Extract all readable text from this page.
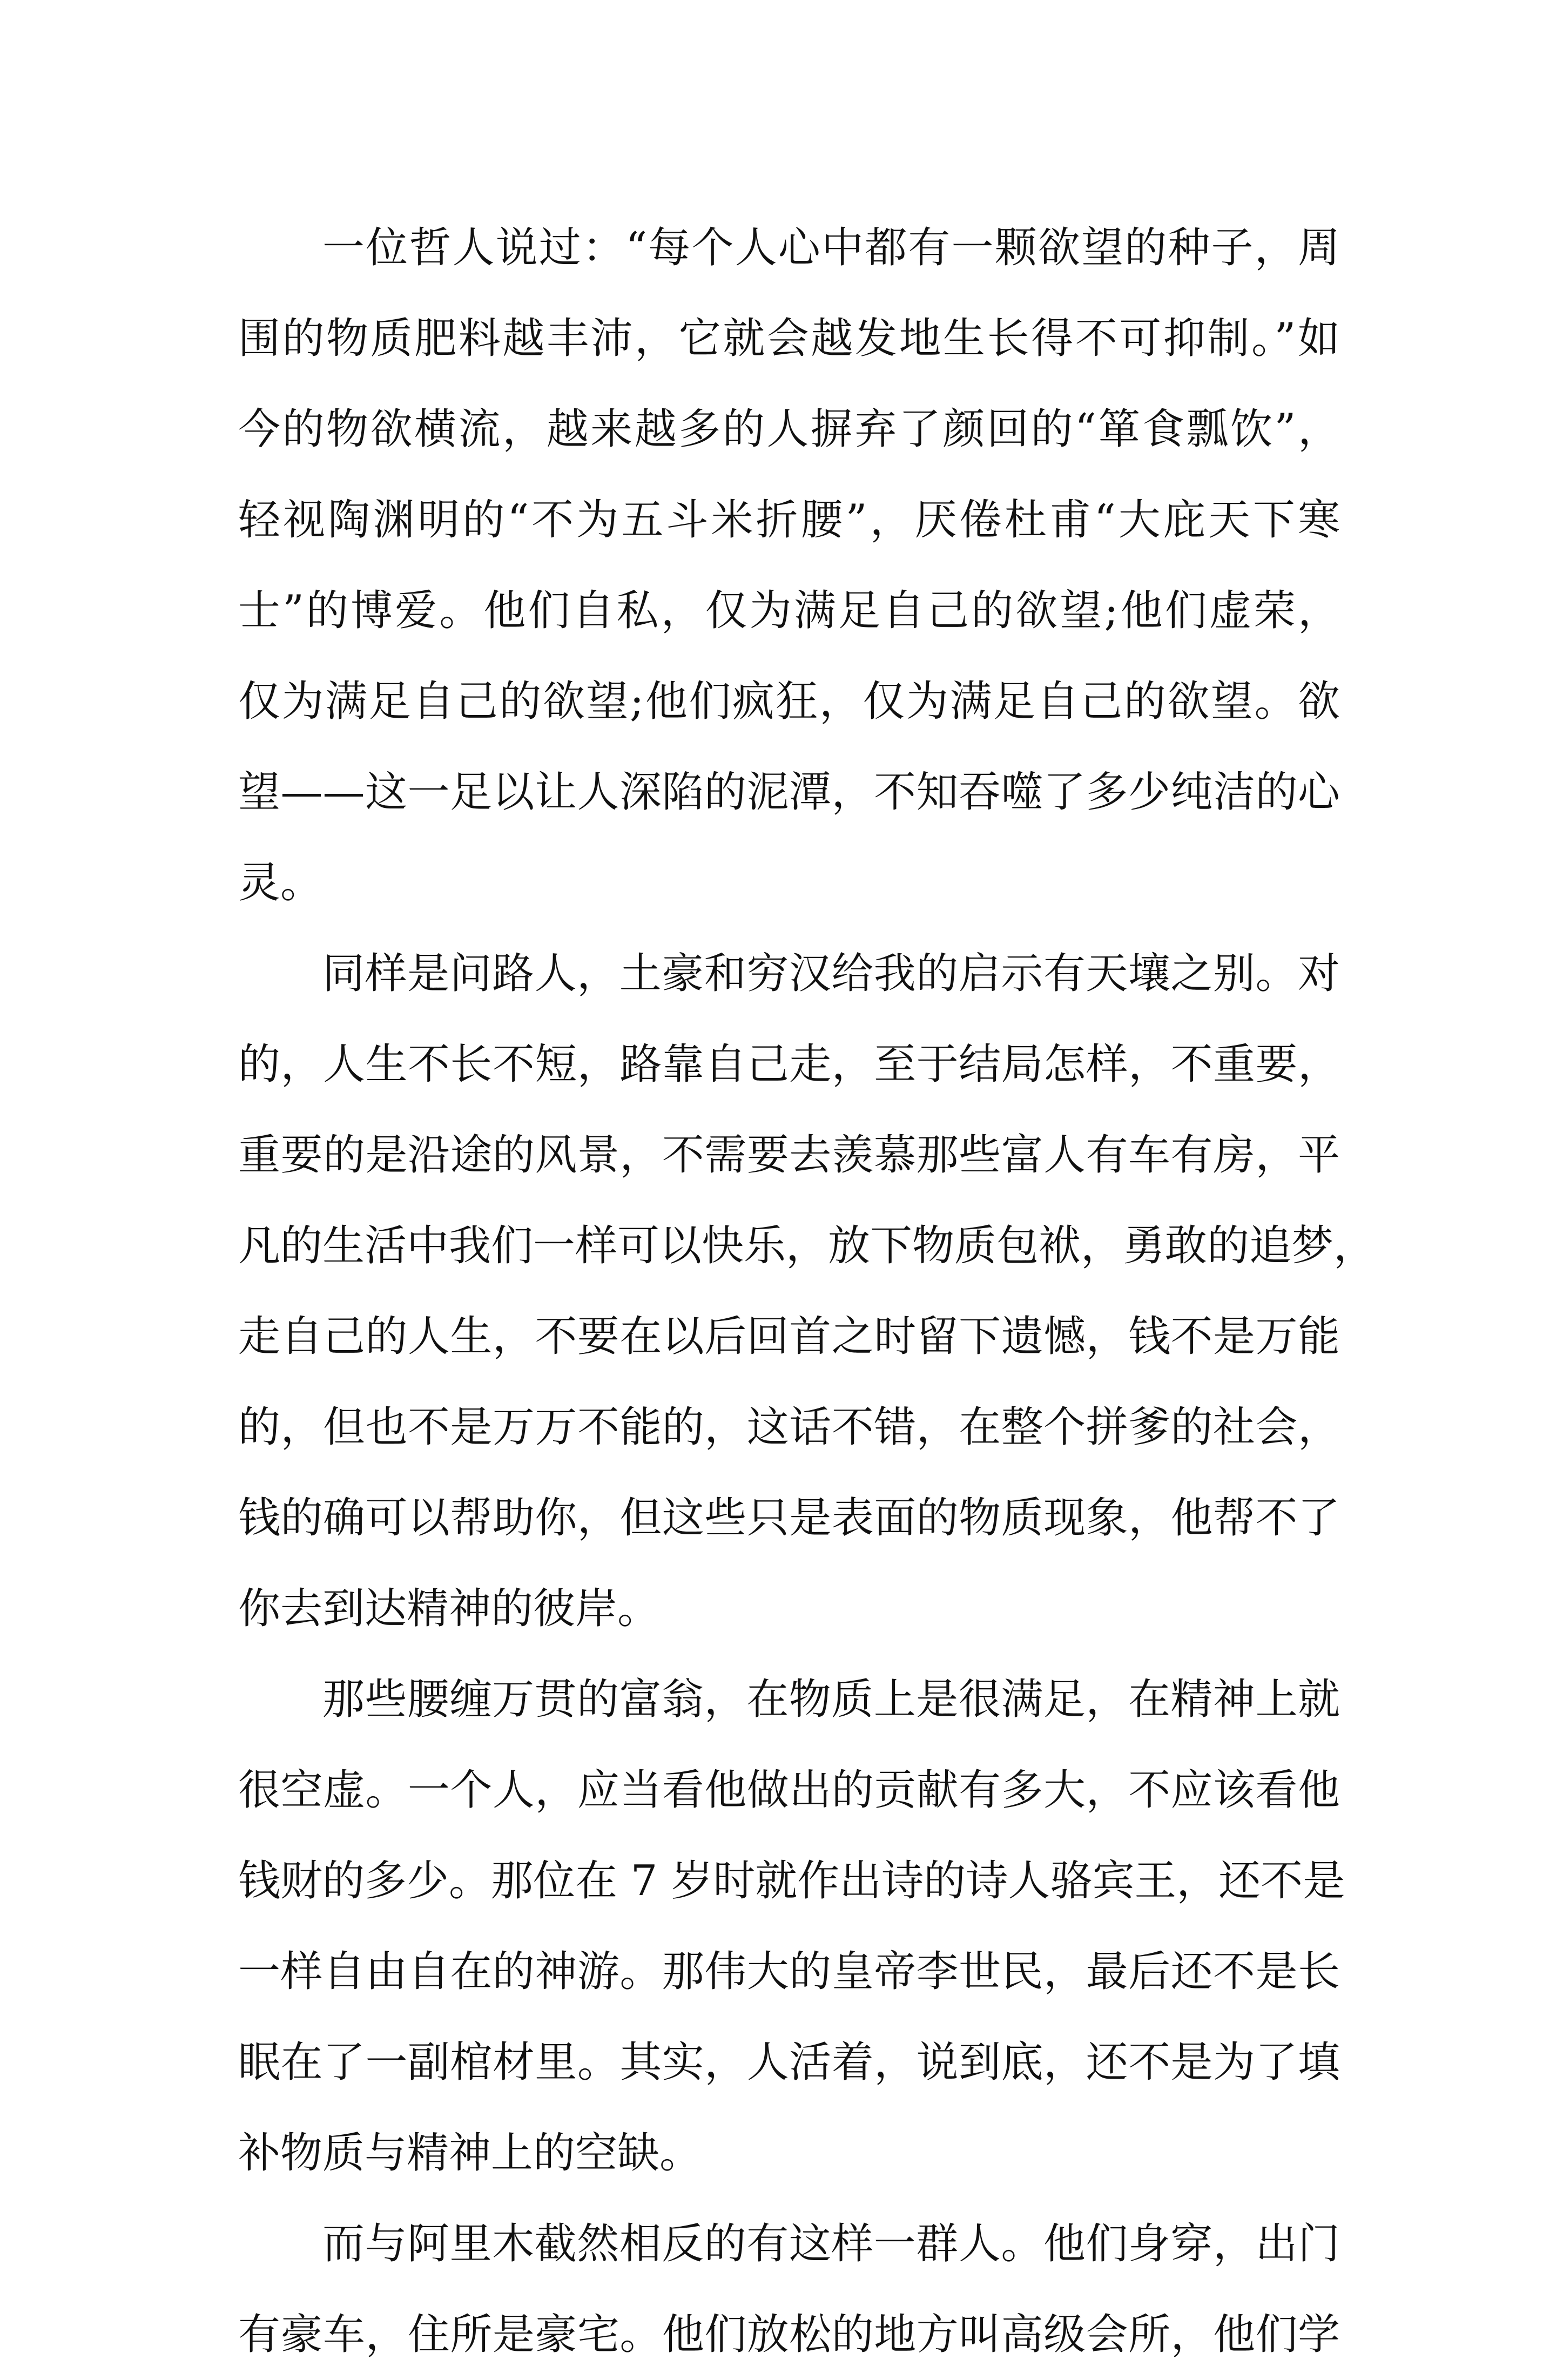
一位哲人说过：“每个人心中都有一颗欲望的种子，周
围的物质肥料越丰沛，它就会越发地生长得不可抑制。”如
今的物欲横流，越来越多的人摒弃了颜回的“箪食瓢饮”，
轻视陶渊明的“不为五斗米折腰”，厌倦杜甫“大庇天下寒
士”的博爱。他们自私，仅为满足自己的欲望;他们虚荣，
仅为满足自己的欲望;他们疯狂，仅为满足自己的欲望。欲
望——这一足以让人深陷的泥潭，不知吞噬了多少纯洁的心
灵。

同样是问路人，土豪和穷汉给我的启示有天壤之别。对
的，人生不长不短，路靠自己走，至于结局怎样，不重要，
重要的是沿途的风景，不需要去羡慕那些富人有车有房，平
凡的生活中我们一样可以快乐，放下物质包袱，勇敢的追梦，
走自己的人生，不要在以后回首之时留下遗憾，钱不是万能
的，但也不是万万不能的，这话不错，在整个拼爹的社会，
钱的确可以帮助你，但这些只是表面的物质现象，他帮不了
你去到达精神的彼岸。

那些腰缠万贯的富翁，在物质上是很满足，在精神上就
很空虚。一个人，应当看他做出的贡献有多大，不应该看他
钱财的多少。那位在 7 岁时就作出诗的诗人骆宾王，还不是
一样自由自在的神游。那伟大的皇帝李世民，最后还不是长
眠在了一副棺材里。其实，人活着，说到底，还不是为了填
补物质与精神上的空缺。

而与阿里木截然相反的有这样一群人。他们身穿，出门
有豪车，住所是豪宅。他们放松的地方叫高级会所，他们学
